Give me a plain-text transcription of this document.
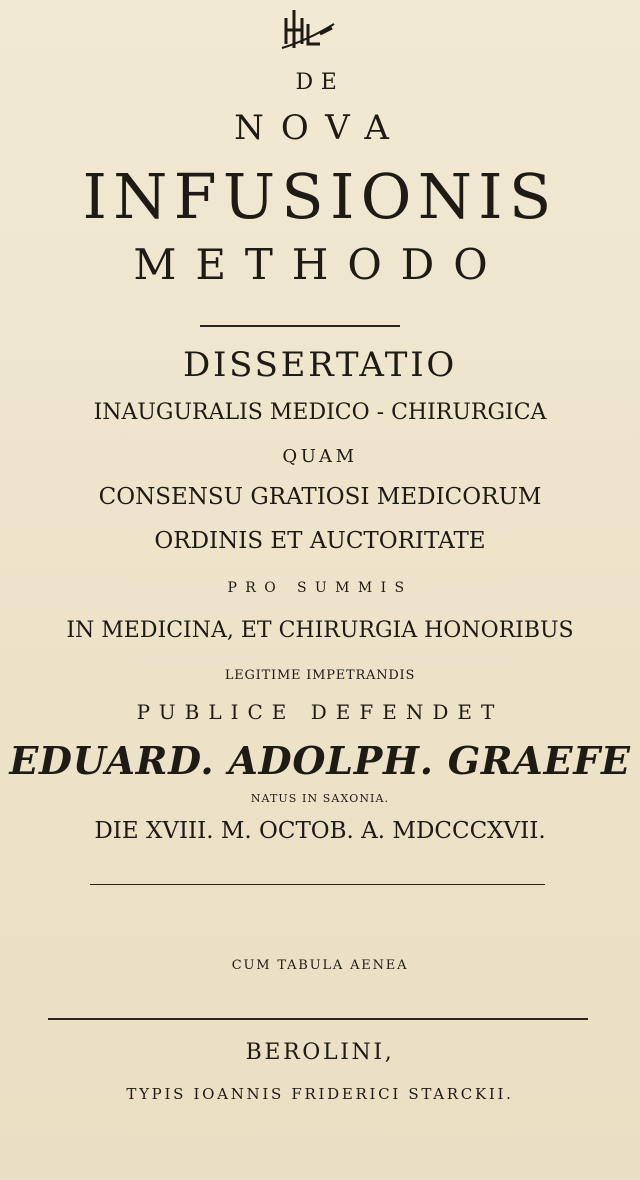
DE
NOVA
INFUSIONIS
METHODO
DISSERTATIO
INAUGURALIS MEDICO - CHIRURGICA
QUAM
CONSENSU GRATIOSI MEDICORUM
ORDINIS ET AUCTORITATE
PRO SUMMIS
IN MEDICINA, ET CHIRURGIA HONORIBUS
LEGITIME IMPETRANDIS
PUBLICE DEFENDET
EDUARD. ADOLPH. GRAEFE
NATUS IN SAXONIA.
DIE XVIII. M. OCTOB. A. MDCCCXVII.
CUM TABULA AENEA
BEROLINI,
TYPIS IOANNIS FRIDERICI STARCKII.
